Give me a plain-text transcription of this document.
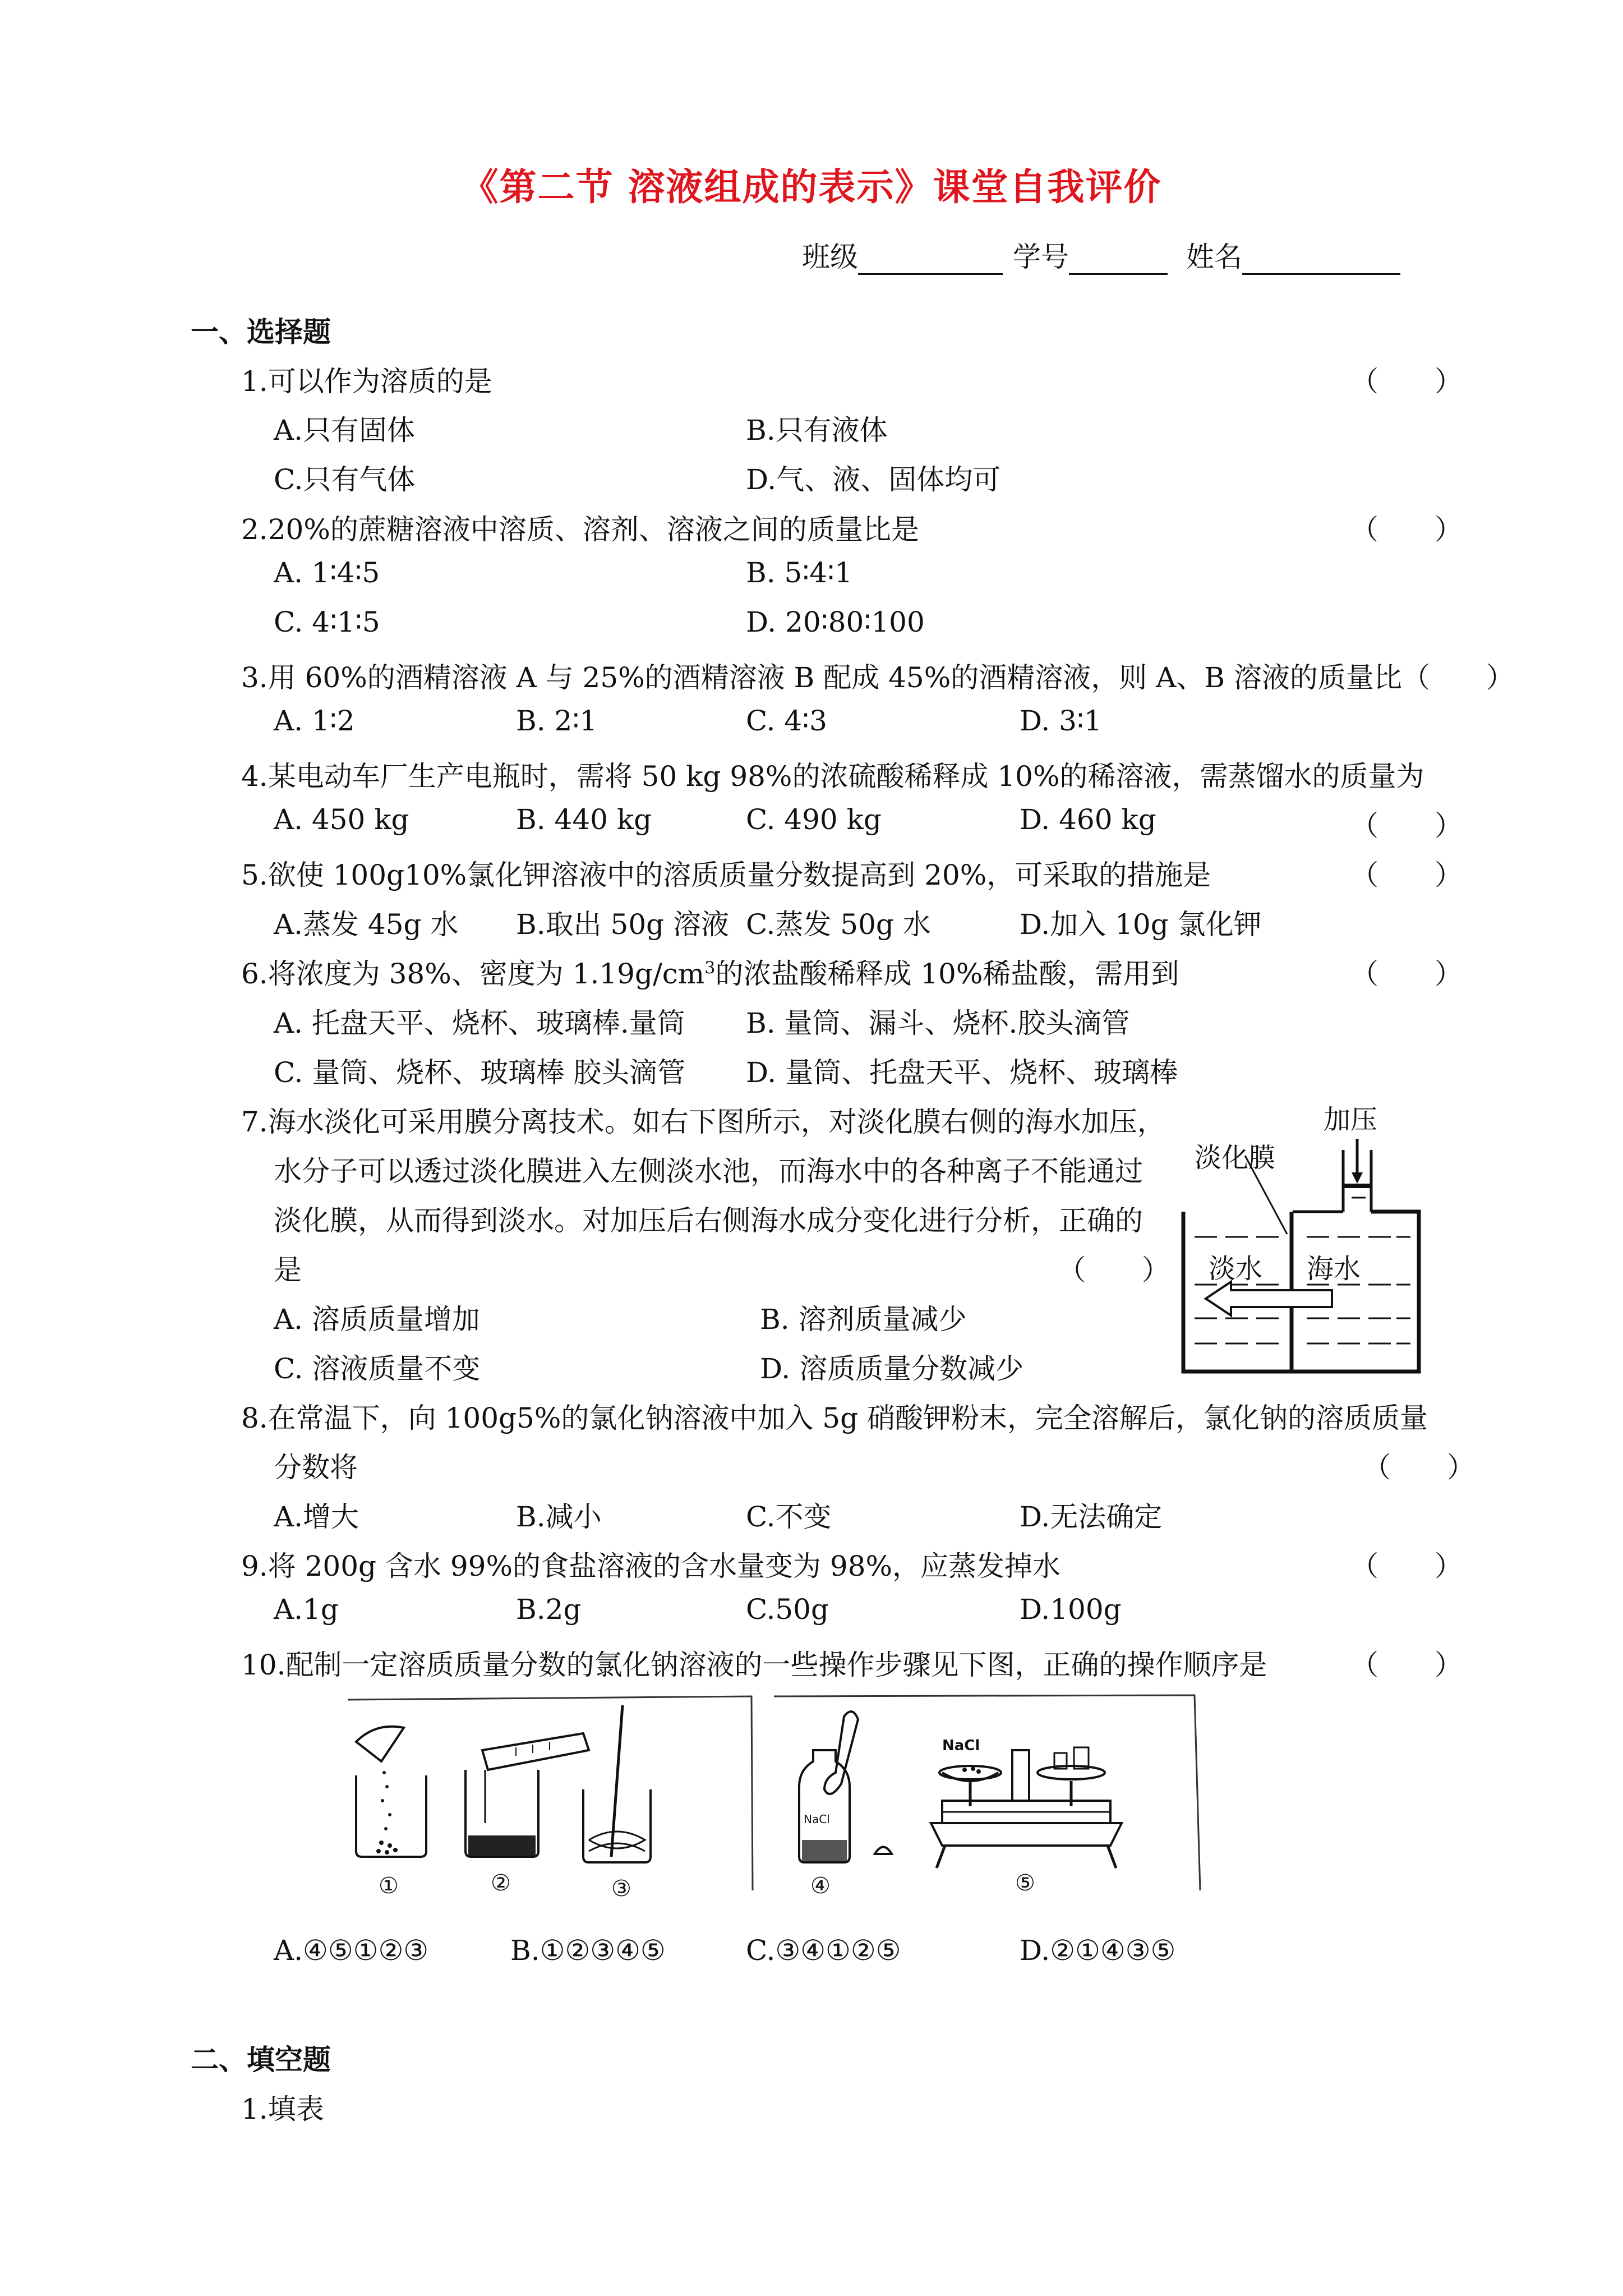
《第二节 溶液组成的表示》课堂自我评价
班级	学号	姓名
一、选择题
1.可以作为溶质的是	（　　）
A.只有固体	B.只有液体
C.只有气体	D.气、液、固体均可
2.20%的蔗糖溶液中溶质、溶剂、溶液之间的质量比是	（　　）
A. 1∶4∶5	B. 5∶4∶1
C. 4∶1∶5	D. 20∶80∶100
3.用 60%的酒精溶液 A 与 25%的酒精溶液 B 配成 45%的酒精溶液，则 A、B 溶液的质量比（　　）
A. 1∶2	B. 2∶1	C. 4∶3	D. 3∶1
4.某电动车厂生产电瓶时，需将 50 kg 98%的浓硫酸稀释成 10%的稀溶液，需蒸馏水的质量为
A. 450 kg	B. 440 kg	C. 490 kg	D. 460 kg	（　　）
5.欲使 100g10%氯化钾溶液中的溶质质量分数提高到 20%，可采取的措施是	（　　）
A.蒸发 45g 水 B.取出 50g 溶液 C.蒸发 50g 水	D.加入 10g 氯化钾
6.将浓度为 38%、密度为 $1.19g/cm^3$的浓盐酸稀释成 10%稀盐酸，需用到	（　　）
A. 托盘天平、烧杯、玻璃棒.量筒 B. 量筒、漏斗、烧杯.胶头滴管
C. 量筒、烧杯、玻璃棒 胶头滴管 D. 量筒、托盘天平、烧杯、玻璃棒
7.海水淡化可采用膜分离技术。如右下图所示，对淡化膜右侧的海水加压，
水分子可以透过淡化膜进入左侧淡水池，而海水中的各种离子不能通过
淡化膜，从而得到淡水。对加压后右侧海水成分变化进行分析，正确的
是	（　　）
A. 溶质质量增加	B. 溶剂质量减少
C. 溶液质量不变	D. 溶质质量分数减少
淡水 海水
加压
淡化膜
8.在常温下，向 100g5%的氯化钠溶液中加入 5g 硝酸钾粉末，完全溶解后，氯化钠的溶质质量
分数将	（　　）
A.增大	B.减小	C.不变	D.无法确定
9.将 200g 含水 99%的食盐溶液的含水量变为 98%，应蒸发掉水	（　　）
A.1g	B.2g	C.50g	D.100g
10.配制一定溶质质量分数的氯化钠溶液的一些操作步骤见下图，正确的操作顺序是	（　　）
①	②	③
NaCl
④
NaCl
⑤
A.④⑤①②③	B.①②③④⑤	C.③④①②⑤	D.②①④③⑤
二、填空题
1.填表
